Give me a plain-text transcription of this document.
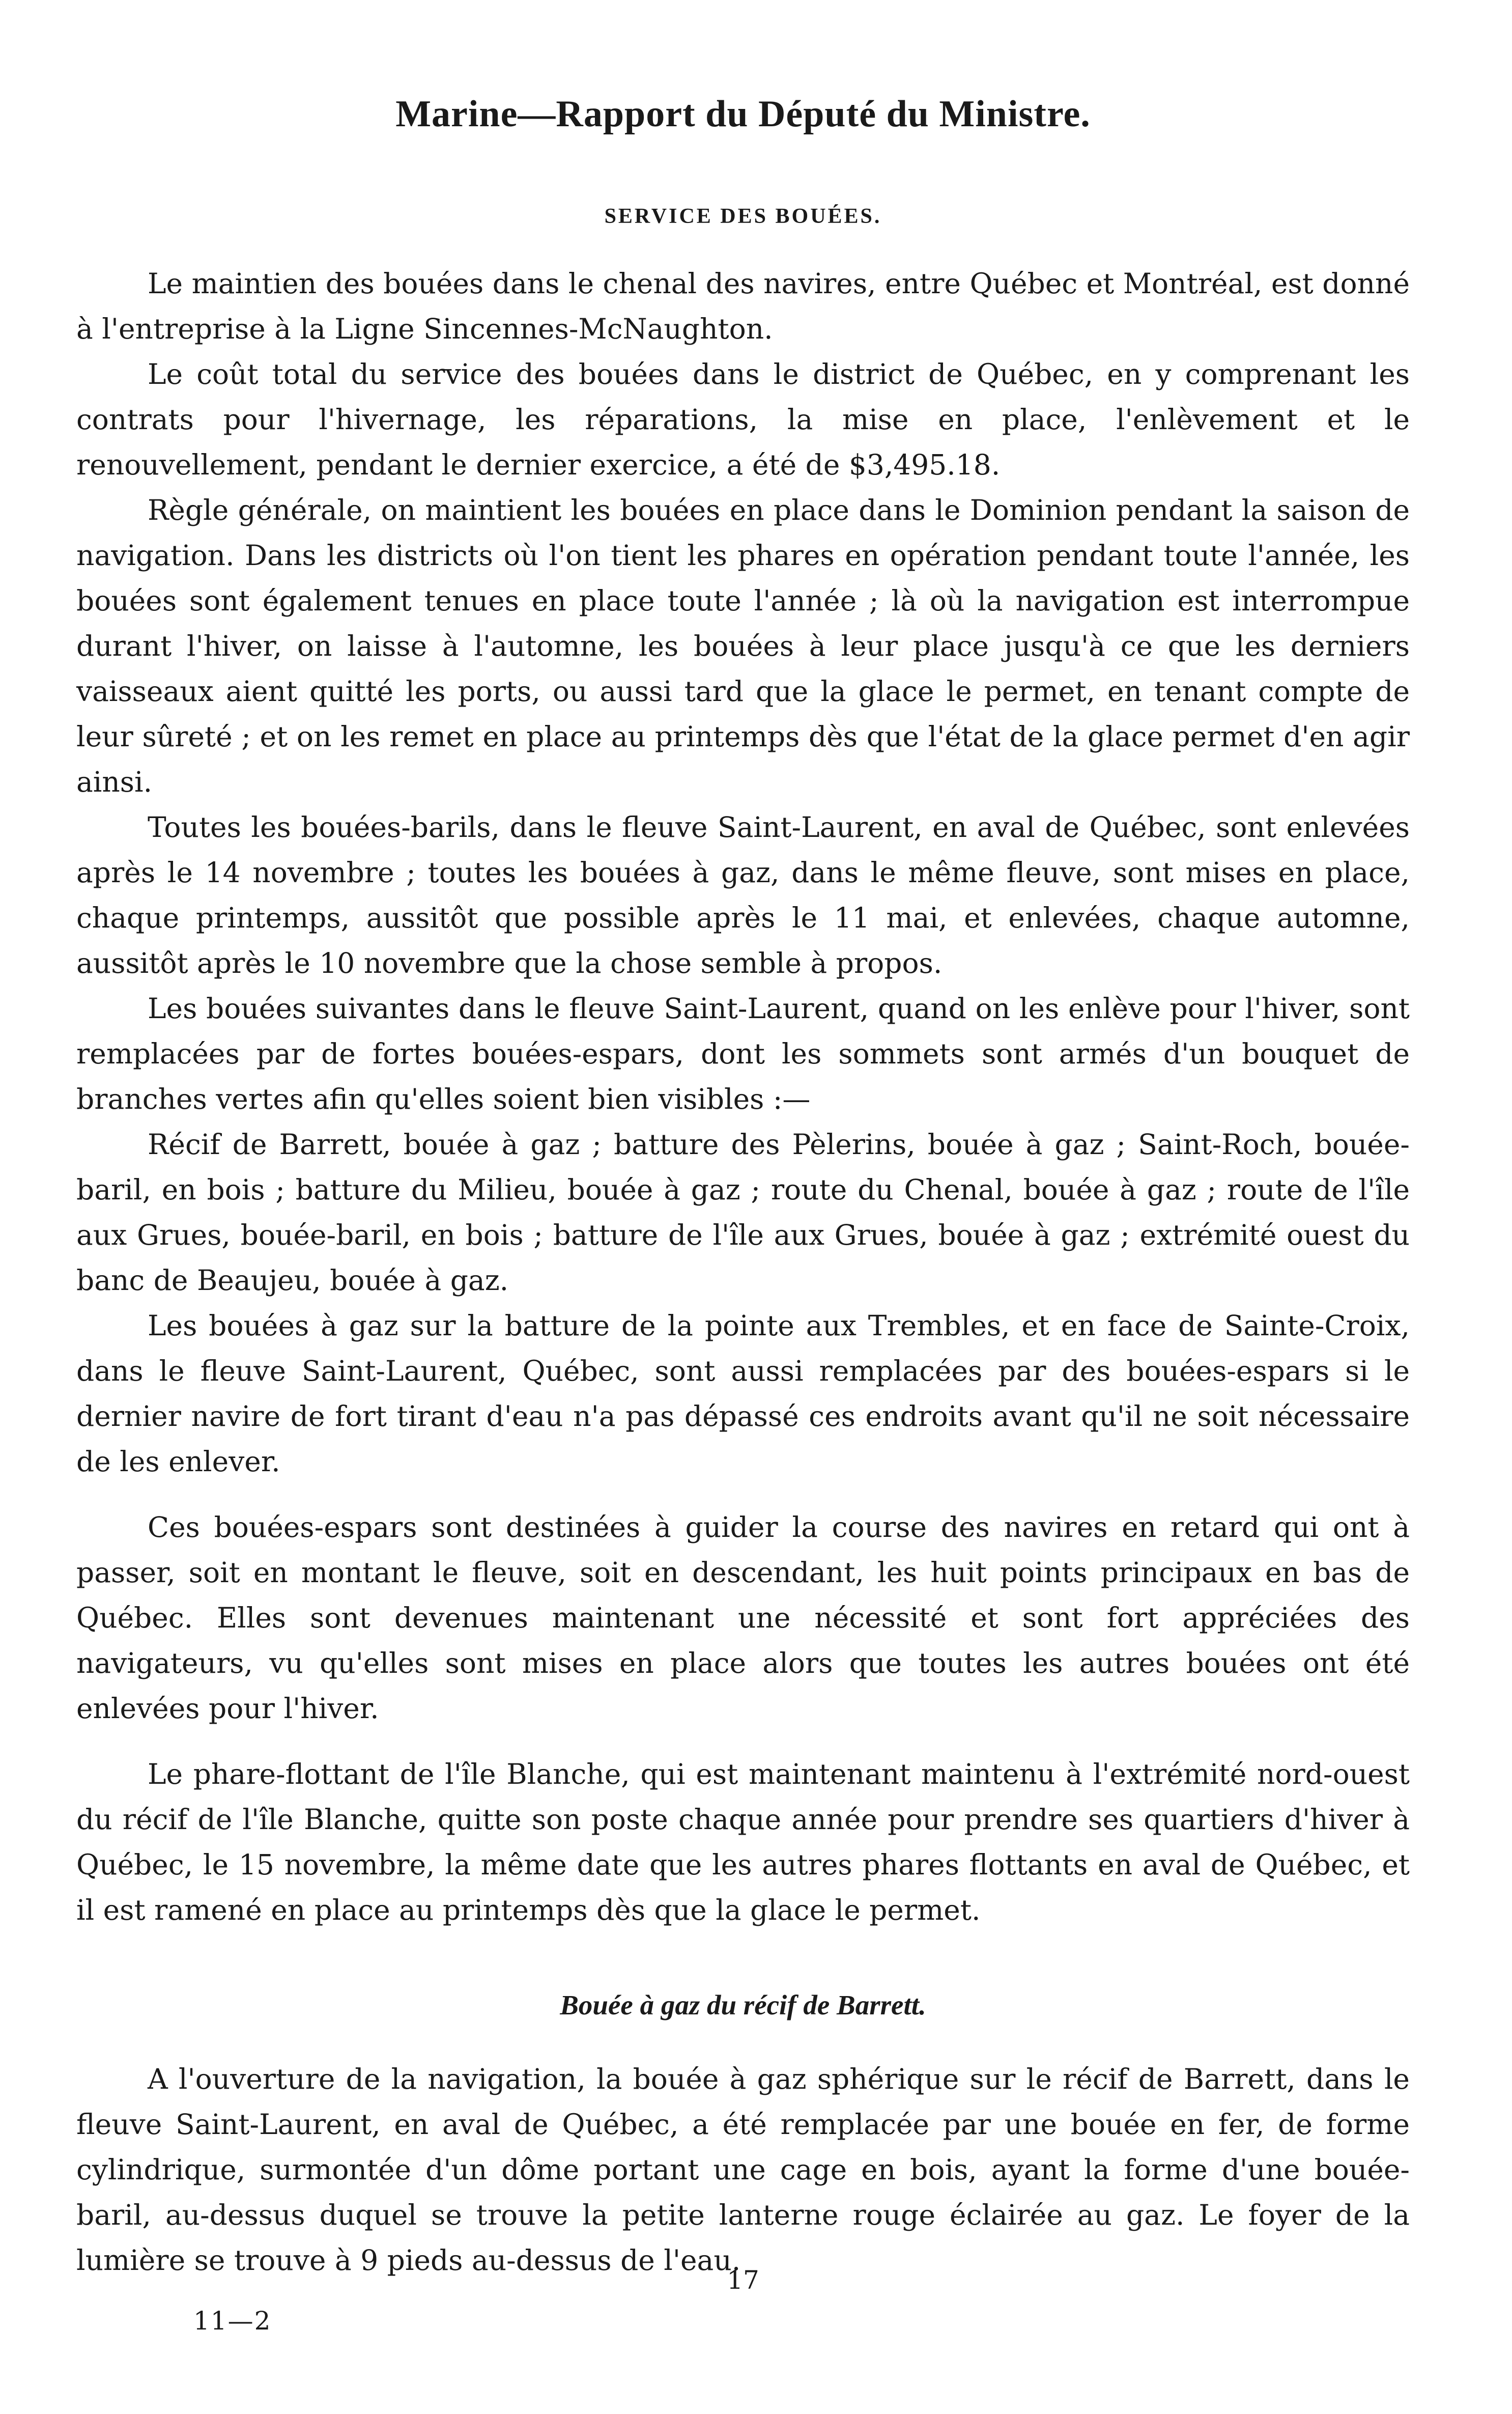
Marine—Rapport du Député du Ministre.
SERVICE DES BOUÉES.

Le maintien des bouées dans le chenal des navires, entre Québec et Montréal, est donné à l'entreprise à la Ligne Sincennes-McNaughton.

Le coût total du service des bouées dans le district de Québec, en y comprenant les contrats pour l'hivernage, les réparations, la mise en place, l'enlèvement et le renouvellement, pendant le dernier exercice, a été de $3,495.18.

Règle générale, on maintient les bouées en place dans le Dominion pendant la saison de navigation. Dans les districts où l'on tient les phares en opération pendant toute l'année, les bouées sont également tenues en place toute l'année ; là où la navigation est interrompue durant l'hiver, on laisse à l'automne, les bouées à leur place jusqu'à ce que les derniers vaisseaux aient quitté les ports, ou aussi tard que la glace le permet, en tenant compte de leur sûreté ; et on les remet en place au printemps dès que l'état de la glace permet d'en agir ainsi.

Toutes les bouées-barils, dans le fleuve Saint-Laurent, en aval de Québec, sont enlevées après le 14 novembre ; toutes les bouées à gaz, dans le même fleuve, sont mises en place, chaque printemps, aussitôt que possible après le 11 mai, et enlevées, chaque automne, aussitôt après le 10 novembre que la chose semble à propos.

Les bouées suivantes dans le fleuve Saint-Laurent, quand on les enlève pour l'hiver, sont remplacées par de fortes bouées-espars, dont les sommets sont armés d'un bouquet de branches vertes afin qu'elles soient bien visibles :—

Récif de Barrett, bouée à gaz ; batture des Pèlerins, bouée à gaz ; Saint-Roch, bouée-baril, en bois ; batture du Milieu, bouée à gaz ; route du Chenal, bouée à gaz ; route de l'île aux Grues, bouée-baril, en bois ; batture de l'île aux Grues, bouée à gaz ; extrémité ouest du banc de Beaujeu, bouée à gaz.

Les bouées à gaz sur la batture de la pointe aux Trembles, et en face de Sainte-Croix, dans le fleuve Saint-Laurent, Québec, sont aussi remplacées par des bouées-espars si le dernier navire de fort tirant d'eau n'a pas dépassé ces endroits avant qu'il ne soit nécessaire de les enlever.

Ces bouées-espars sont destinées à guider la course des navires en retard qui ont à passer, soit en montant le fleuve, soit en descendant, les huit points principaux en bas de Québec. Elles sont devenues maintenant une nécessité et sont fort appréciées des navigateurs, vu qu'elles sont mises en place alors que toutes les autres bouées ont été enlevées pour l'hiver.

Le phare-flottant de l'île Blanche, qui est maintenant maintenu à l'extrémité nord-ouest du récif de l'île Blanche, quitte son poste chaque année pour prendre ses quartiers d'hiver à Québec, le 15 novembre, la même date que les autres phares flottants en aval de Québec, et il est ramené en place au printemps dès que la glace le permet.

Bouée à gaz du récif de Barrett.

A l'ouverture de la navigation, la bouée à gaz sphérique sur le récif de Barrett, dans le fleuve Saint-Laurent, en aval de Québec, a été remplacée par une bouée en fer, de forme cylindrique, surmontée d'un dôme portant une cage en bois, ayant la forme d'une bouée-baril, au-dessus duquel se trouve la petite lanterne rouge éclairée au gaz. Le foyer de la lumière se trouve à 9 pieds au-dessus de l'eau.

17
11—2
